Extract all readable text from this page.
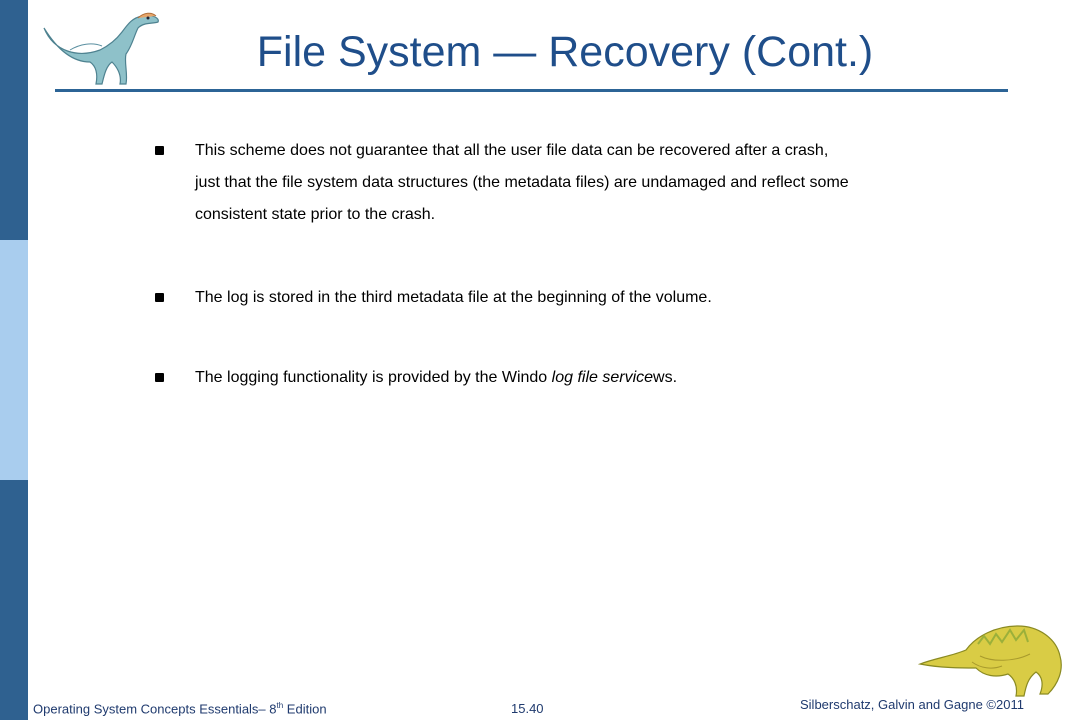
File System — Recovery (Cont.)
This scheme does not guarantee that all the user file data can be recovered after a crash,
just that the file system data structures (the metadata files) are undamaged and reflect some
consistent state prior to the crash.
The log is stored in the third metadata file at the beginning of the volume.
The logging functionality is provided by the Windo log file servicews.
Operating System Concepts Essentials– 8th Edition	15.40	Silberschatz, Galvin and Gagne ©2011
